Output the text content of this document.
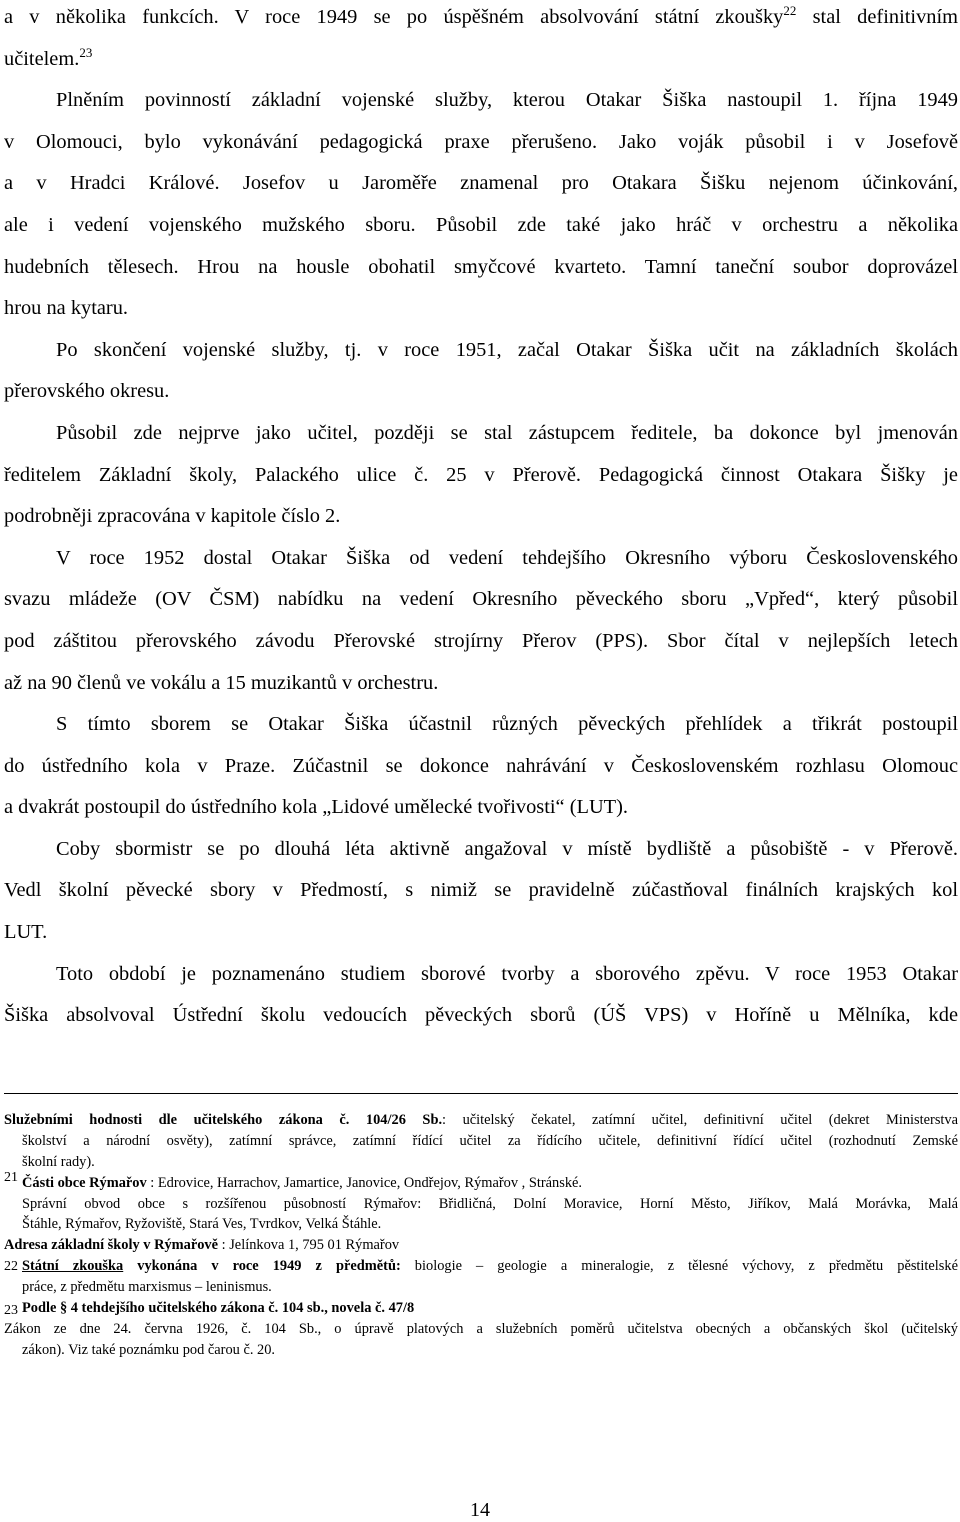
a v několika funkcích. V roce 1949 se po úspěšném absolvování státní zkoušky$^{22}$ stal definitivním
učitelem.$^{23}$
Plněním povinností základní vojenské služby, kterou Otakar Šiška nastoupil 1. října 1949
v Olomouci, bylo vykonávání pedagogická praxe přerušeno. Jako voják působil i v Josefově
a v Hradci Králové. Josefov u Jaroměře znamenal pro Otakara Šišku nejenom účinkování,
ale i vedení vojenského mužského sboru. Působil zde také jako hráč v orchestru a několika
hudebních tělesech. Hrou na housle obohatil smyčcové kvarteto. Tamní taneční soubor doprovázel
hrou na kytaru.
Po skončení vojenské služby, tj. v roce 1951, začal Otakar Šiška učit na základních školách
přerovského okresu.
Působil zde nejprve jako učitel, později se stal zástupcem ředitele, ba dokonce byl jmenován
ředitelem Základní školy, Palackého ulice č. 25 v Přerově. Pedagogická činnost Otakara Šišky je
podrobněji zpracována v kapitole číslo 2.
V roce 1952 dostal Otakar Šiška od vedení tehdejšího Okresního výboru Československého
svazu mládeže (OV ČSM) nabídku na vedení Okresního pěveckého sboru „Vpřed“, který působil
pod záštitou přerovského závodu Přerovské strojírny Přerov (PPS). Sbor čítal v nejlepších letech
až na 90 členů ve vokálu a 15 muzikantů v orchestru.
S tímto sborem se Otakar Šiška účastnil různých pěveckých přehlídek a třikrát postoupil
do ústředního kola v Praze. Zúčastnil se dokonce nahrávání v Československém rozhlasu Olomouc
a dvakrát postoupil do ústředního kola „Lidové umělecké tvořivosti“ (LUT).
Coby sbormistr se po dlouhá léta aktivně angažoval v místě bydliště a působiště - v Přerově.
Vedl školní pěvecké sbory v Předmostí, s nimiž se pravidelně zúčastňoval finálních krajských kol
LUT.
Toto období je poznamenáno studiem sborové tvorby a sborového zpěvu. V roce 1953 Otakar
Šiška absolvoval Ústřední školu vedoucích pěveckých sborů (ÚŠ VPS) v Hoříně u Mělníka, kde
21
22
23
Služebními hodnosti dle učitelského zákona č. 104/26 Sb.: učitelský čekatel, zatímní učitel, definitivní učitel (dekret Ministerstva
školství a národní osvěty), zatímní správce, zatímní řídící učitel za řídícího učitele, definitivní řídící učitel (rozhodnutí Zemské
školní rady).
Části obce Rýmařov : Edrovice, Harrachov, Jamartice, Janovice, Ondřejov, Rýmařov , Stránské.
Správní obvod obce s rozšířenou působností Rýmařov: Břidličná, Dolní Moravice, Horní Město, Jiříkov, Malá Morávka, Malá
Štáhle, Rýmařov, Ryžoviště, Stará Ves, Tvrdkov, Velká Štáhle.
Adresa základní školy v Rýmařově : Jelínkova 1, 795 01 Rýmařov
Státní zkouška vykonána v roce 1949 z předmětů: biologie – geologie a mineralogie, z tělesné výchovy, z předmětu pěstitelské
práce, z předmětu marxismus – leninismus.
Podle § 4 tehdejšího učitelského zákona č. 104 sb., novela č. 47/8
Zákon ze dne 24. června 1926, č. 104 Sb., o úpravě platových a služebních poměrů učitelstva obecných a občanských škol (učitelský
zákon). Viz také poznámku pod čarou č. 20.
14
